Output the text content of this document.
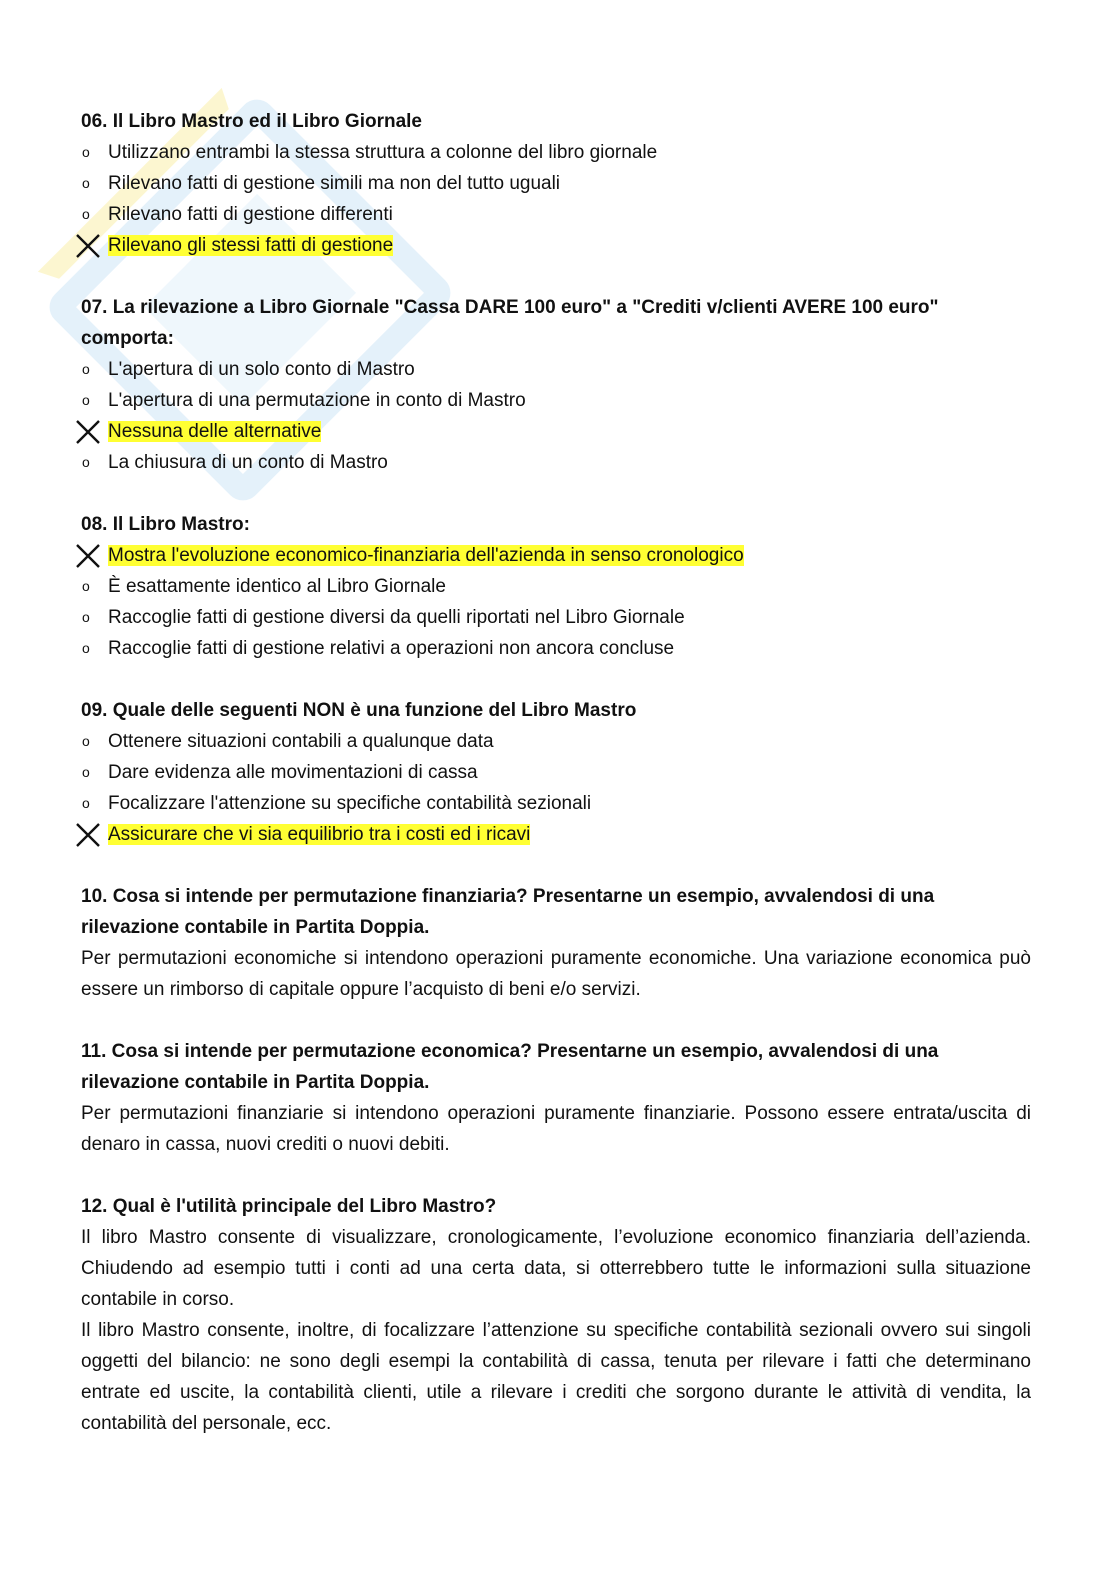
06. Il Libro Mastro ed il Libro Giornale

o Utilizzano entrambi la stessa struttura a colonne del libro giornale
o Rilevano fatti di gestione simili ma non del tutto uguali
o Rilevano fatti di gestione differenti
Rilevano gli stessi fatti di gestione

07. La rilevazione a Libro Giornale "Cassa DARE 100 euro" a "Crediti v/clienti AVERE 100 euro" comporta:

o L'apertura di un solo conto di Mastro
o L'apertura di una permutazione in conto di Mastro
Nessuna delle alternative
o La chiusura di un conto di Mastro

08. Il Libro Mastro:

Mostra l'evoluzione economico-finanziaria dell'azienda in senso cronologico
o È esattamente identico al Libro Giornale
o Raccoglie fatti di gestione diversi da quelli riportati nel Libro Giornale
o Raccoglie fatti di gestione relativi a operazioni non ancora concluse

09. Quale delle seguenti NON è una funzione del Libro Mastro

o Ottenere situazioni contabili a qualunque data
o Dare evidenza alle movimentazioni di cassa
o Focalizzare l'attenzione su specifiche contabilità sezionali
Assicurare che vi sia equilibrio tra i costi ed i ricavi

10. Cosa si intende per permutazione finanziaria? Presentarne un esempio, avvalendosi di una rilevazione contabile in Partita Doppia.

Per permutazioni economiche si intendono operazioni puramente economiche. Una variazione economica può essere un rimborso di capitale oppure l’acquisto di beni e/o servizi.

11. Cosa si intende per permutazione economica? Presentarne un esempio, avvalendosi di una rilevazione contabile in Partita Doppia.

Per permutazioni finanziarie si intendono operazioni puramente finanziarie. Possono essere entrata/uscita di denaro in cassa, nuovi crediti o nuovi debiti.

12. Qual è l'utilità principale del Libro Mastro?

Il libro Mastro consente di visualizzare, cronologicamente, l’evoluzione economico finanziaria dell’azienda. Chiudendo ad esempio tutti i conti ad una certa data, si otterrebbero tutte le informazioni sulla situazione contabile in corso.

Il libro Mastro consente, inoltre, di focalizzare l’attenzione su specifiche contabilità sezionali ovvero sui singoli oggetti del bilancio: ne sono degli esempi la contabilità di cassa, tenuta per rilevare i fatti che determinano entrate ed uscite, la contabilità clienti, utile a rilevare i crediti che sorgono durante le attività di vendita, la contabilità del personale, ecc.
